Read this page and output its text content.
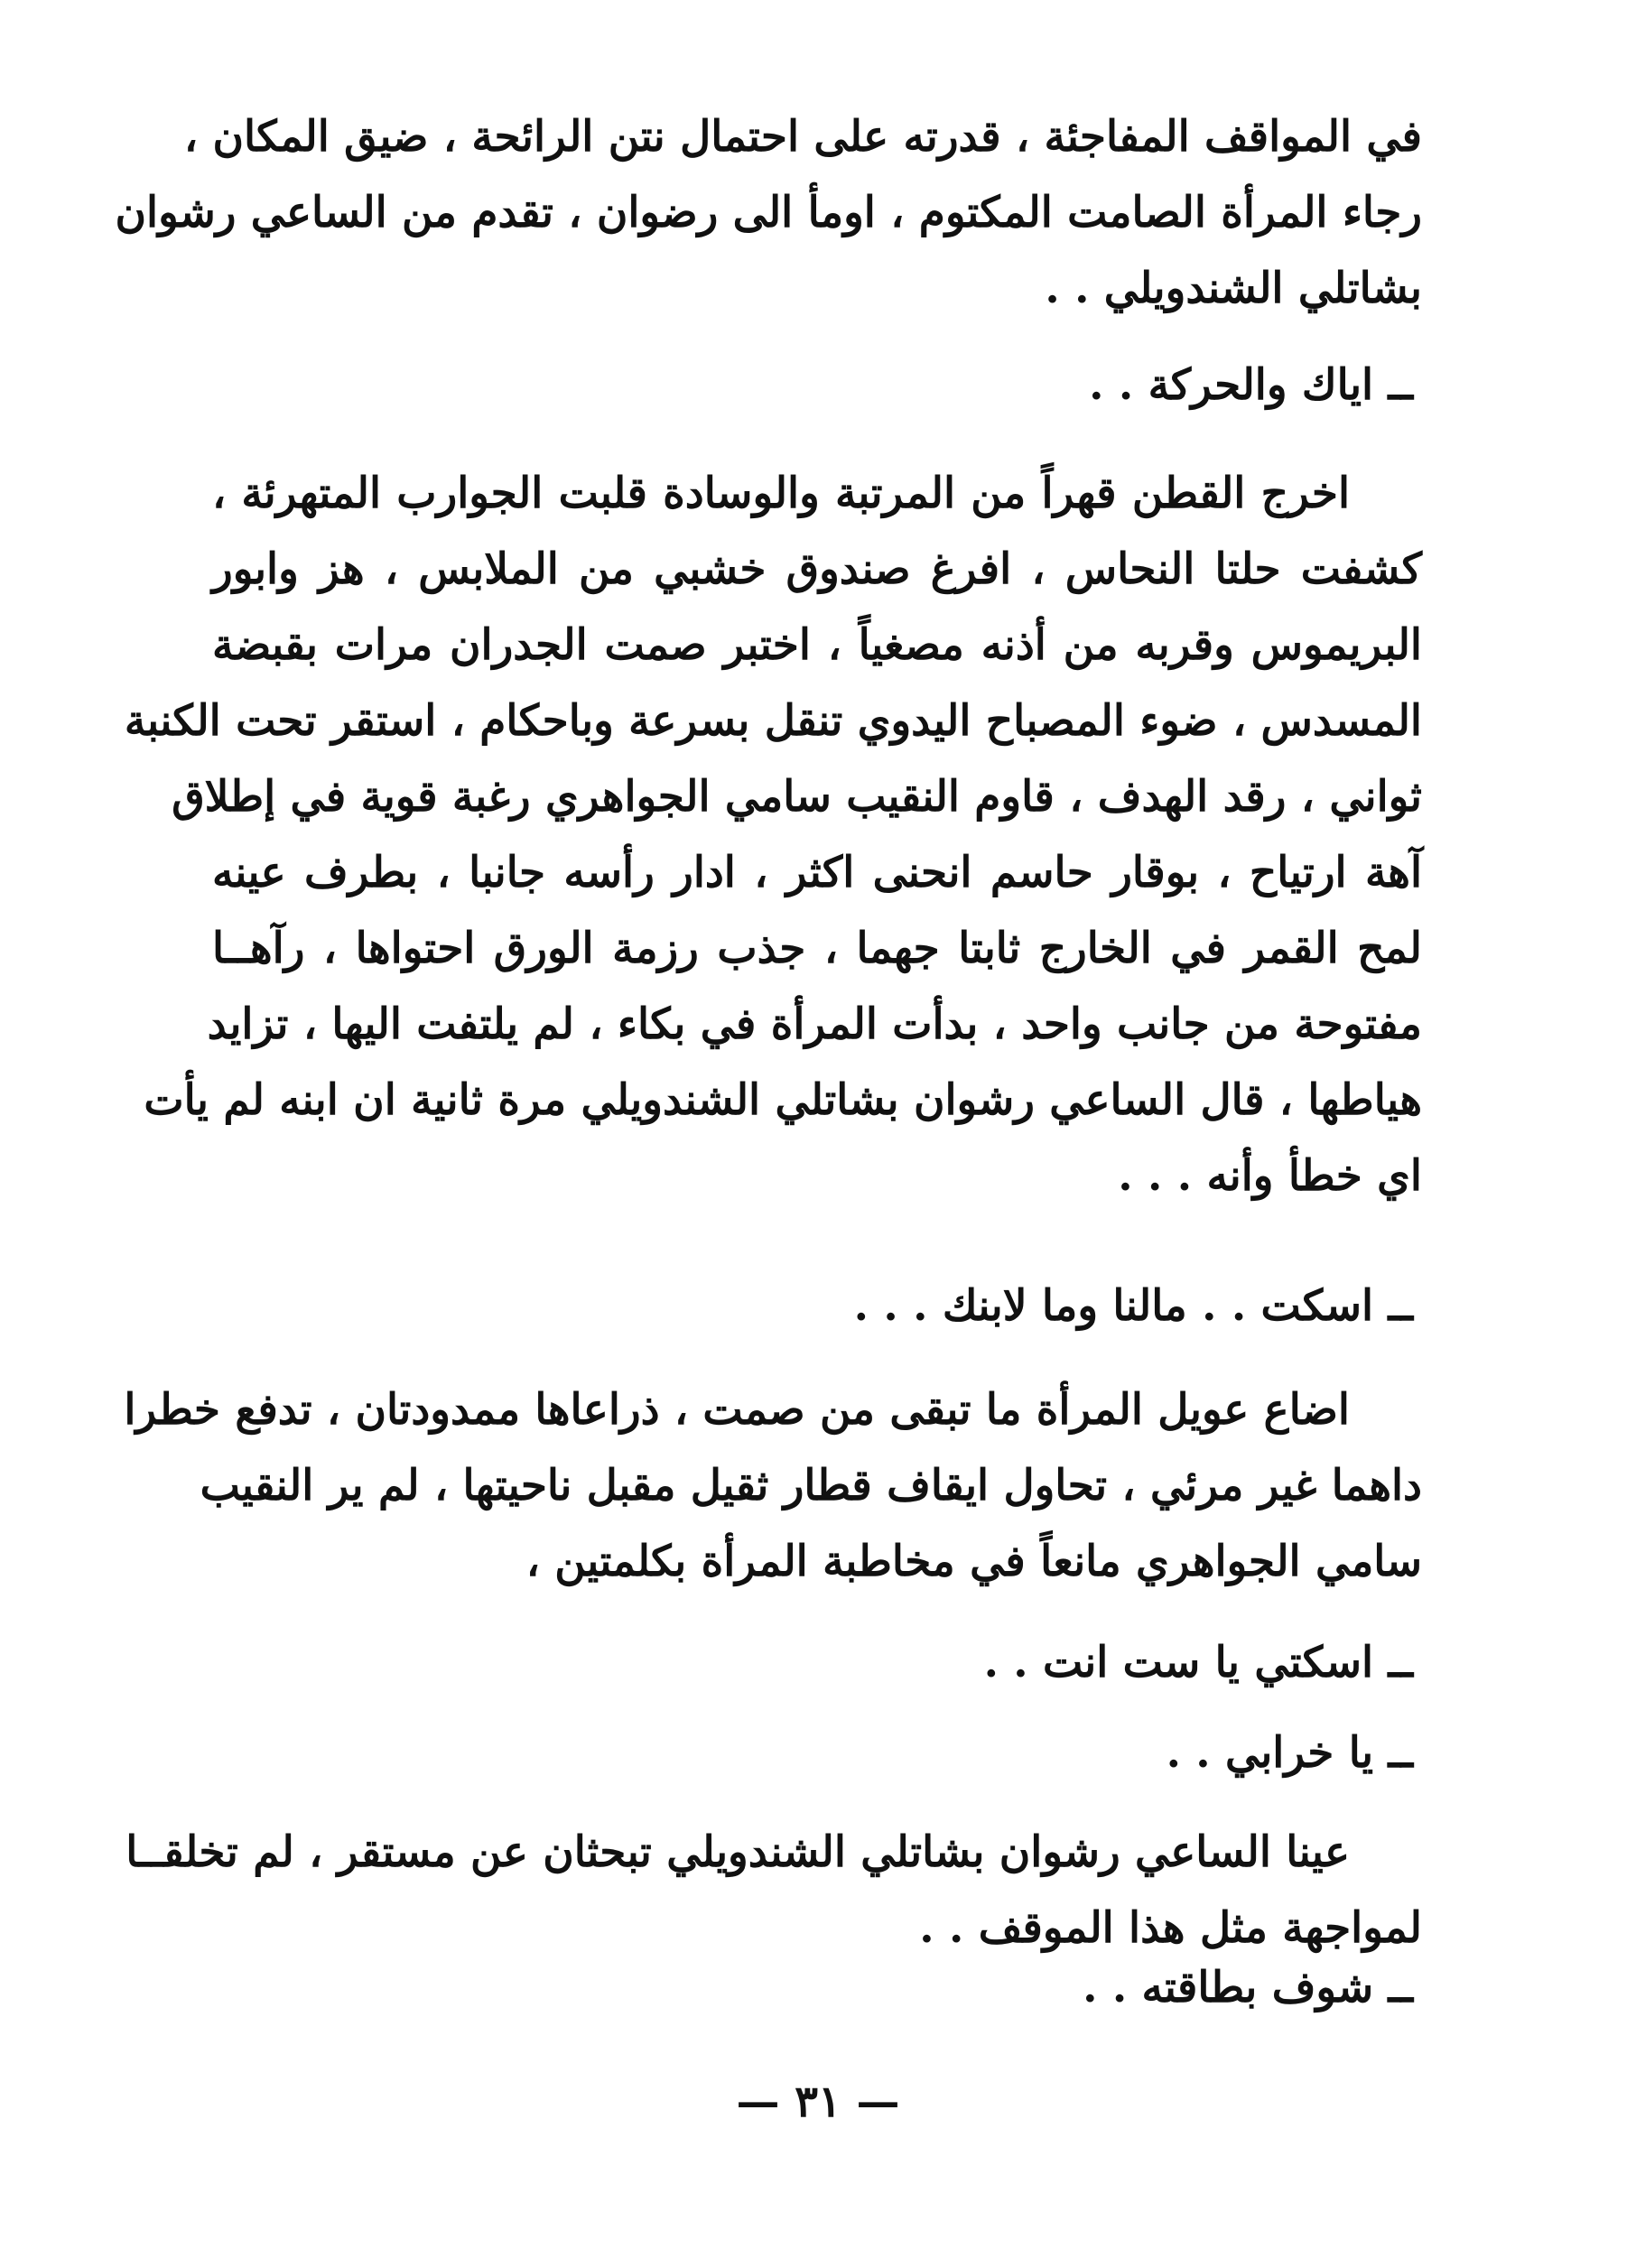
في المواقف المفاجئة ، قدرته على احتمال نتن الرائحة ، ضيق المكان ،
رجاء المرأة الصامت المكتوم ، اومأ الى رضوان ، تقدم من الساعي رشوان
بشاتلي الشندويلي . .
ــ اياك والحركة . .
اخرج القطن قهراً من المرتبة والوسادة قلبت الجوارب المتهرئة ،
كشفت حلتا النحاس ، افرغ صندوق خشبي من الملابس ، هز وابور
البريموس وقربه من أذنه مصغياً ، اختبر صمت الجدران مرات بقبضة
المسدس ، ضوء المصباح اليدوي تنقل بسرعة وباحكام ، استقر تحت الكنبة
ثواني ، رقد الهدف ، قاوم النقيب سامي الجواهري رغبة قوية في إطلاق
آهة ارتياح ، بوقار حاسم انحنى اكثر ، ادار رأسه جانبا ، بطرف عينه
لمح القمر في الخارج ثابتا جهما ، جذب رزمة الورق احتواها ، رآهــا
مفتوحة من جانب واحد ، بدأت المرأة في بكاء ، لم يلتفت اليها ، تزايد
هياطها ، قال الساعي رشوان بشاتلي الشندويلي مرة ثانية ان ابنه لم يأت
اي خطأ وأنه . . .
ــ اسكت . . مالنا وما لابنك . . .
اضاع عويل المرأة ما تبقى من صمت ، ذراعاها ممدودتان ، تدفع خطرا
داهما غير مرئي ، تحاول ايقاف قطار ثقيل مقبل ناحيتها ، لم ير النقيب
سامي الجواهري مانعاً في مخاطبة المرأة بكلمتين ،
ــ اسكتي يا ست انت . .
ــ يا خرابي . .
عينا الساعي رشوان بشاتلي الشندويلي تبحثان عن مستقر ، لم تخلقــا
لمواجهة مثل هذا الموقف . .
ــ شوف بطاقته . .
— ٣١ —
